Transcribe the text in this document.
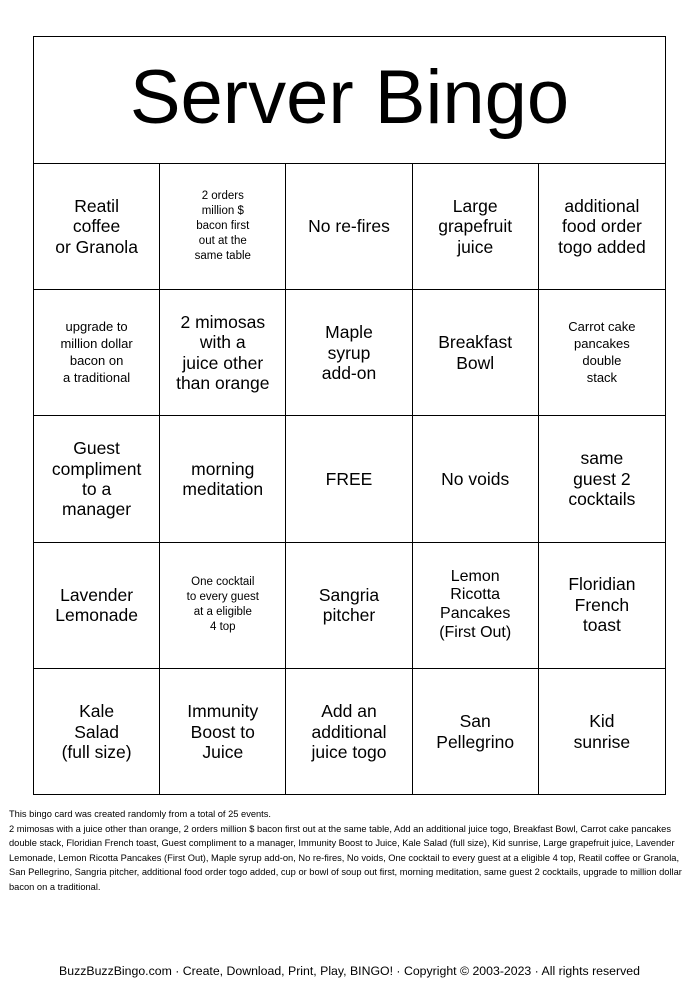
Server Bingo
Reatil
coffee
or Granola
2 orders
million $
bacon first
out at the
same table
No re-fires
Large
grapefruit
juice
additional
food order
togo added
upgrade to
million dollar
bacon on
a traditional
2 mimosas
with a
juice other
than orange
Maple
syrup
add-on
Breakfast
Bowl
Carrot cake
pancakes
double
stack
Guest
compliment
to a
manager
morning
meditation
FREE	No voids
same
guest 2
cocktails
Lavender
Lemonade
One cocktail
to every guest
at a eligible
4 top
Sangria
pitcher
Lemon
Ricotta
Pancakes
(First Out)
Floridian
French
toast
Kale
Salad
(full size)
Immunity
Boost to
Juice
Add an
additional
juice togo
San
Pellegrino
Kid
sunrise
This bingo card was created randomly from a total of 25 events.
2 mimosas with a juice other than orange, 2 orders million $ bacon first out at the same table, Add an additional juice togo, Breakfast Bowl, Carrot cake pancakes double stack, Floridian French toast, Guest compliment to a manager, Immunity Boost to Juice, Kale Salad (full size), Kid sunrise, Large grapefruit juice, Lavender Lemonade, Lemon Ricotta Pancakes (First Out), Maple syrup add-on, No re-fires, No voids, One cocktail to every guest at a eligible 4 top, Reatil coffee or Granola, San Pellegrino, Sangria pitcher, additional food order togo added, cup or bowl of soup out first, morning meditation, same guest 2 cocktails, upgrade to million dollar bacon on a traditional.
BuzzBuzzBingo.com · Create, Download, Print, Play, BINGO! · Copyright © 2003-2023 · All rights reserved
